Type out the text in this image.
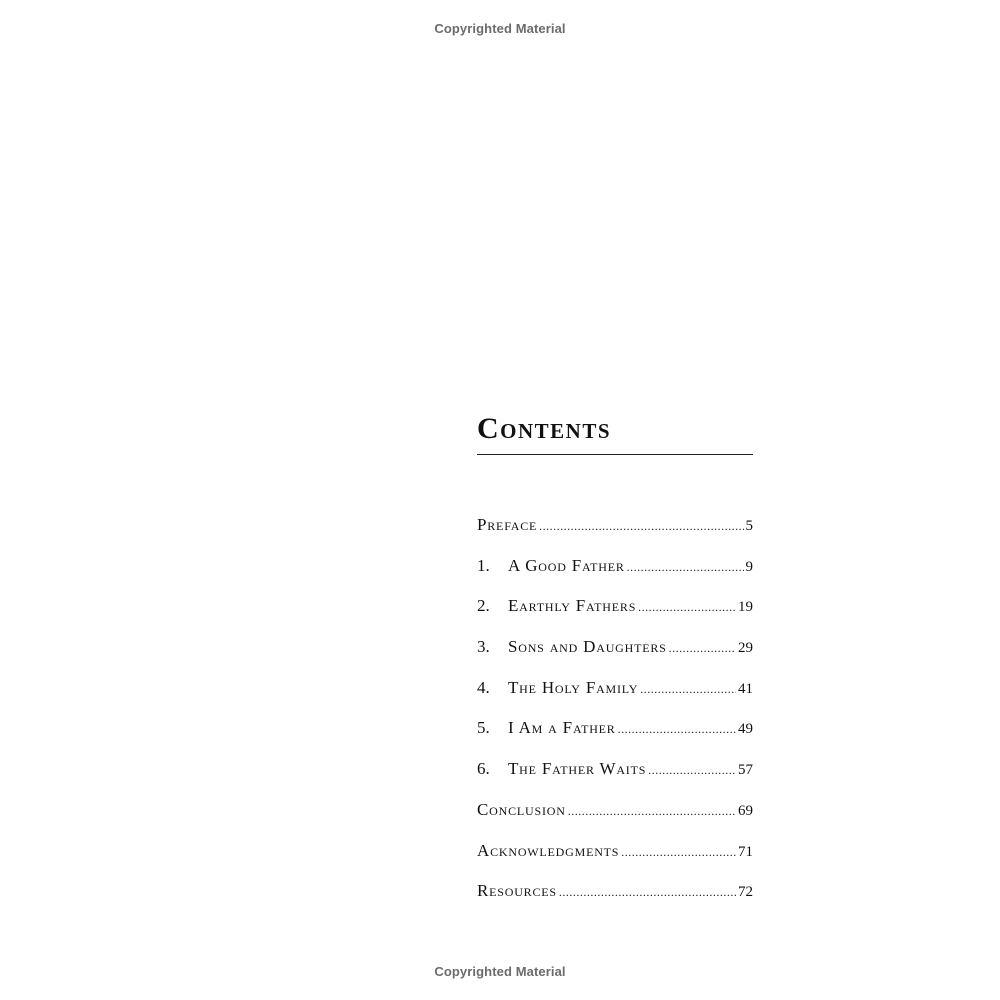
Copyrighted Material
Contents
Preface .....	5
1.	A Good Father .....	9
2.	Earthly Fathers .....	19
3.	Sons and Daughters .....	29
4.	The Holy Family .....	41
5.	I Am a Father .....	49
6.	The Father Waits .....	57
Conclusion .....	69
Acknowledgments .....	71
Resources .....	72
Copyrighted Material
